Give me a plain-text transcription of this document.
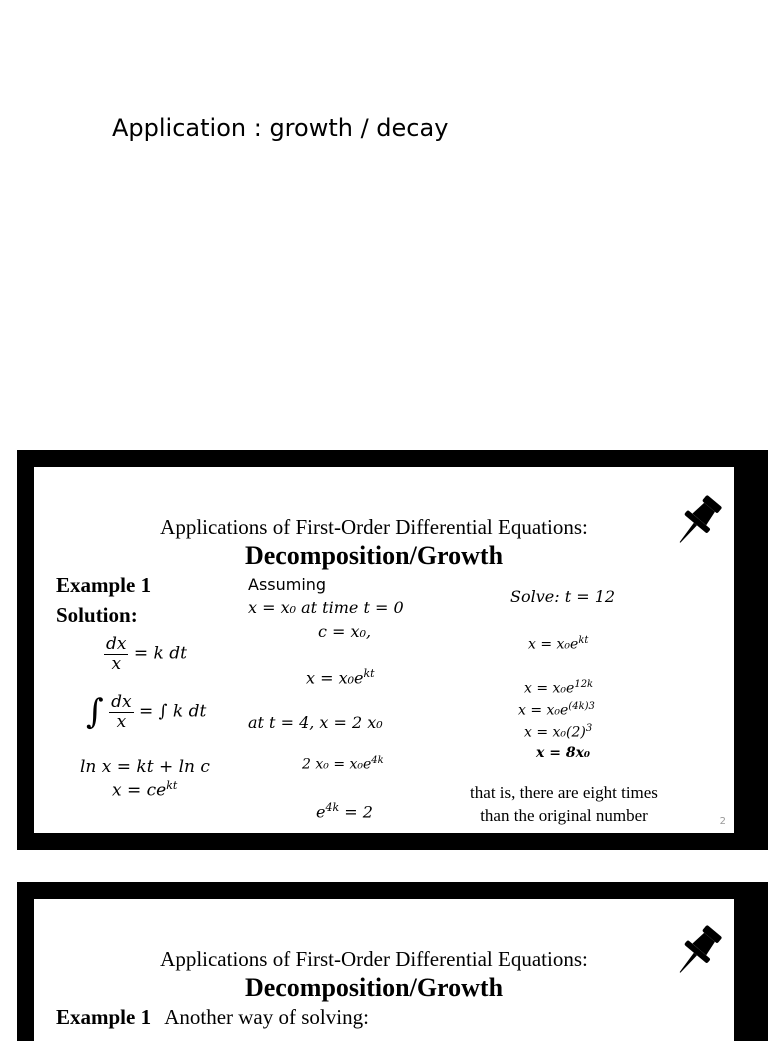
Application : growth / decay
Applications of First-Order Differential Equations:
Decomposition/Growth
Example 1
Solution:
$\frac{dx}{x} = k$ dt
∫ $\frac{dx}{x}$ = ∫ k dt
ln x = kt + ln c
$x = ce^{kt}$
Assuming
x = x₀ at time t = 0
c = x₀,
$x = x_0e^{kt}$
at t = 4, x = 2 x₀
2 $x_0 = x_0e^{4k}$
$e^{4k} = 2$
Solve: t = 12
$x = x_0e^{kt}$
$x = x_0e^{12k}$
$x = x_0e^{(4k)3}$
$x = x_0(2)^3$
x = 8x₀
that is, there are eight times than the original number	2
Applications of First-Order Differential Equations:
Decomposition/Growth
Example 1 Another way of solving:
